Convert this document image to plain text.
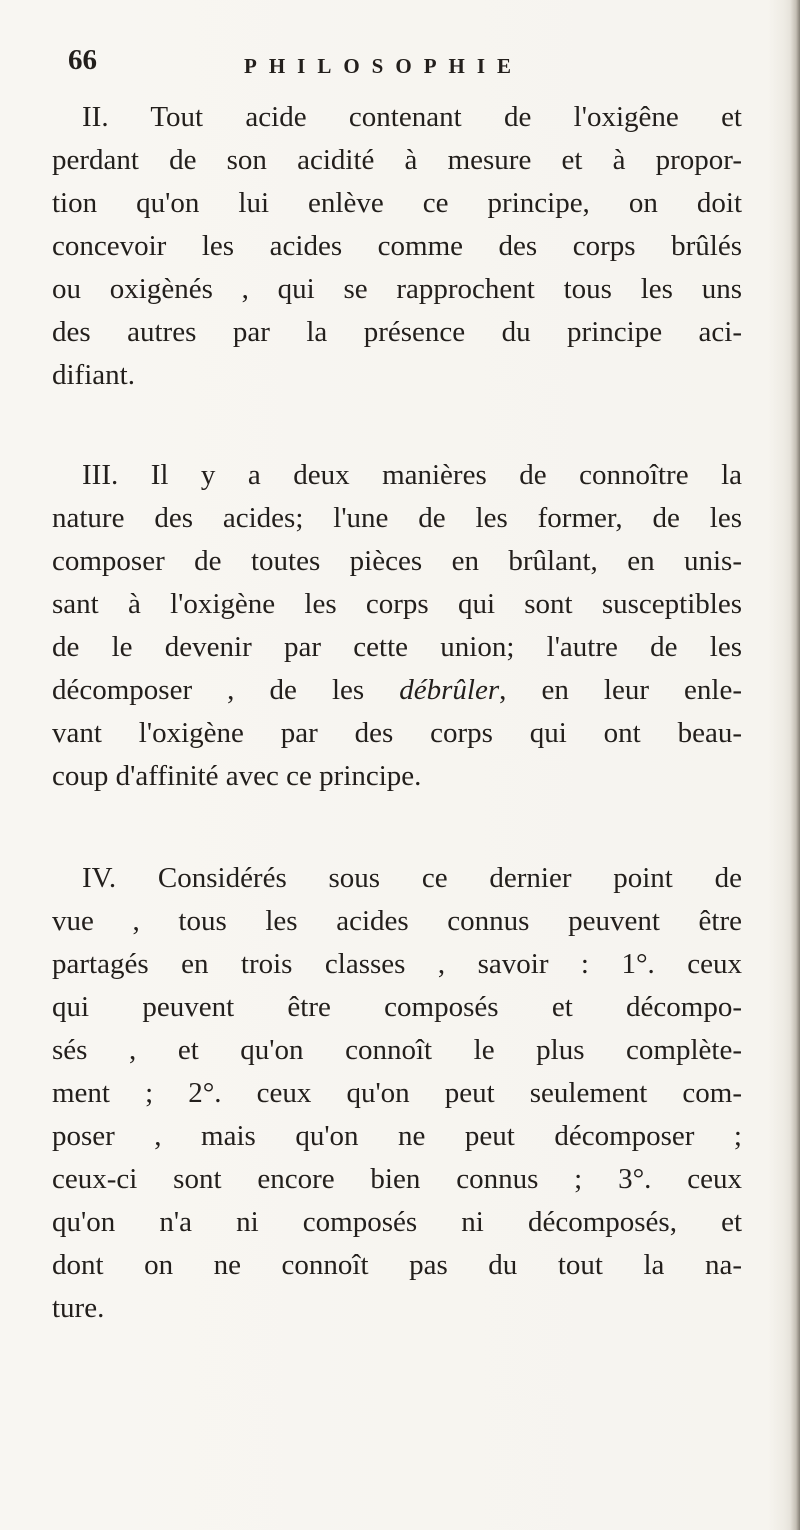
66	PHILOSOPHIE
II. Tout acide contenant de l'oxigêne et
perdant de son acidité à mesure et à propor-
tion qu'on lui enlève ce principe, on doit
concevoir les acides comme des corps brûlés
ou oxigènés , qui se rapprochent tous les uns
des autres par la présence du principe aci-
difiant.
III. Il y a deux manières de connoître la
nature des acides; l'une de les former, de les
composer de toutes pièces en brûlant, en unis-
sant à l'oxigène les corps qui sont susceptibles
de le devenir par cette union; l'autre de les
décomposer , de les débrûler, en leur enle-
vant l'oxigène par des corps qui ont beau-
coup d'affinité avec ce principe.
IV. Considérés sous ce dernier point de
vue , tous les acides connus peuvent être
partagés en trois classes , savoir : 1°. ceux
qui peuvent être composés et décompo-
sés , et qu'on connoît le plus complète-
ment ; 2°. ceux qu'on peut seulement com-
poser , mais qu'on ne peut décomposer ;
ceux-ci sont encore bien connus ; 3°. ceux
qu'on n'a ni composés ni décomposés, et
dont on ne connoît pas du tout la na-
ture.
